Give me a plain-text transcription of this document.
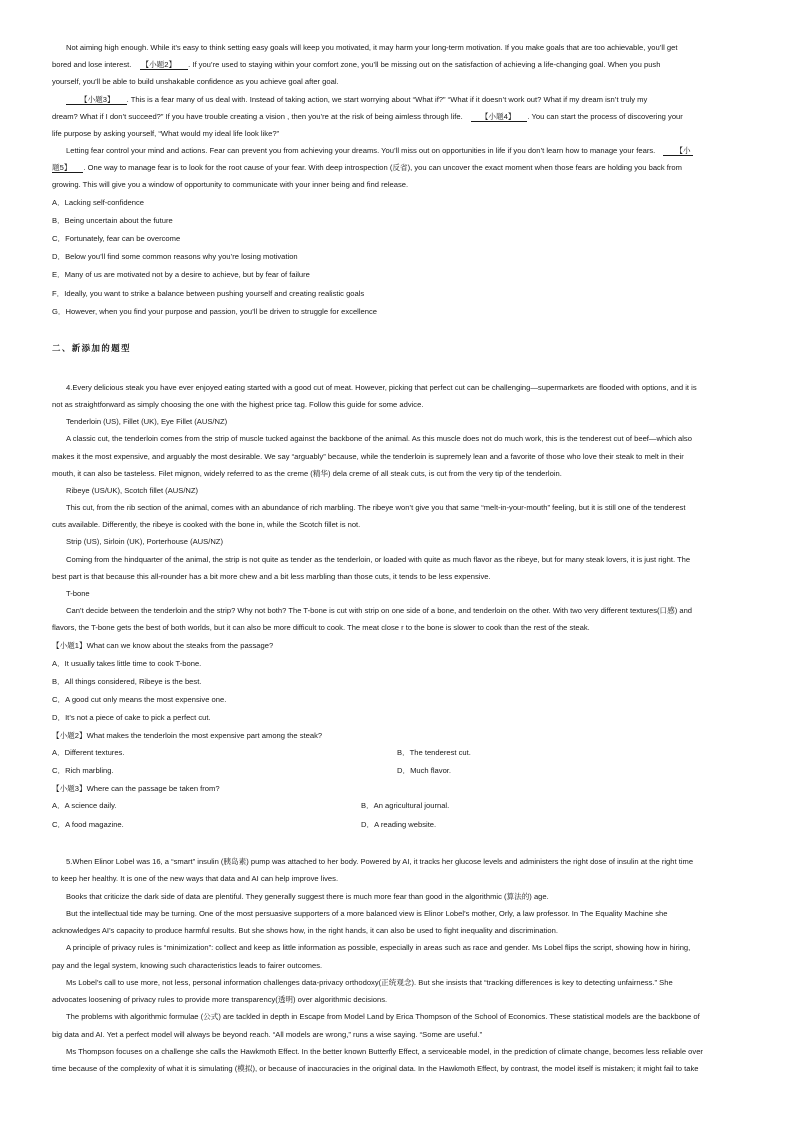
Not aiming high enough. While it’s easy to think setting easy goals will keep you motivated, it may harm your long-term motivation. If you make goals that are too achievable, you’ll get
bored and lose interest. 【小题2】 . If you’re used to staying within your comfort zone, you’ll be missing out on the satisfaction of achieving a life-changing goal. When you push
yourself, you’ll be able to build unshakable confidence as you achieve goal after goal.
【小题3】 . This is a fear many of us deal with. Instead of taking action, we start worrying about “What if?” “What if it doesn’t work out? What if my dream isn’t truly my
dream? What if I don’t succeed?” If you have trouble creating a vision , then you’re at the risk of being aimless through life. 【小题4】 . You can start the process of discovering your
life purpose by asking yourself, “What would my ideal life look like?”
Letting fear control your mind and actions. Fear can prevent you from achieving your dreams. You’ll miss out on opportunities in life if you don’t learn how to manage your fears.	【小
题5】 . One way to manage fear is to look for the root cause of your fear. With deep introspection (反省), you can uncover the exact moment when those fears are holding you back from
growing. This will give you a window of opportunity to communicate with your inner being and find release.
A．Lacking self-confidence
B．Being uncertain about the future
C．Fortunately, fear can be overcome
D．Below you’ll find some common reasons why you’re losing motivation
E．Many of us are motivated not by a desire to achieve, but by fear of failure
F．Ideally, you want to strike a balance between pushing yourself and creating realistic goals
G．However, when you find your purpose and passion, you’ll be driven to struggle for excellence
二、新添加的题型
4.Every delicious steak you have ever enjoyed eating started with a good cut of meat. However, picking that perfect cut can be challenging—supermarkets are flooded with options, and it is
not as straightforward as simply choosing the one with the highest price tag. Follow this guide for some advice.
Tenderloin (US), Fillet (UK), Eye Fillet (AUS/NZ)
A classic cut, the tenderloin comes from the strip of muscle tucked against the backbone of the animal. As this muscle does not do much work, this is the tenderest cut of beef—which also
makes it the most expensive, and arguably the most desirable. We say “arguably” because, while the tenderloin is supremely lean and a favorite of those who love their steak to melt in their
mouth, it can also be tasteless. Filet mignon, widely referred to as the creme (精华) dela creme of all steak cuts, is cut from the very tip of the tenderloin.
Ribeye (US/UK), Scotch fillet (AUS/NZ)
This cut, from the rib section of the animal, comes with an abundance of rich marbling. The ribeye won’t give you that same “melt-in-your-mouth” feeling, but it is still one of the tenderest
cuts available. Differently, the ribeye is cooked with the bone in, while the Scotch fillet is not.
Strip (US), Sirloin (UK), Porterhouse (AUS/NZ)
Coming from the hindquarter of the animal, the strip is not quite as tender as the tenderloin, or loaded with quite as much flavor as the ribeye, but for many steak lovers, it is just right. The
best part is that because this all-rounder has a bit more chew and a bit less marbling than those cuts, it tends to be less expensive.
T-bone
Can’t decide between the tenderloin and the strip? Why not both? The T-bone is cut with strip on one side of a bone, and tenderloin on the other. With two very different textures(口感) and
flavors, the T-bone gets the best of both worlds, but it can also be more difficult to cook. The meat close r to the bone is slower to cook than the rest of the steak.
【小题1】What can we know about the steaks from the passage?
A．It usually takes little time to cook T-bone.
B．All things considered, Ribeye is the best.
C．A good cut only means the most expensive one.
D．It’s not a piece of cake to pick a perfect cut.
【小题2】What makes the tenderloin the most expensive part among the steak?
A．Different textures.	B．The tenderest cut.
C．Rich marbling.	D．Much flavor.
【小题3】Where can the passage be taken from?
A．A science daily.	B．An agricultural journal.
C．A food magazine.	D．A reading website.
5.When Elinor Lobel was 16, a “smart” insulin (胰岛素) pump was attached to her body. Powered by AI, it tracks her glucose levels and administers the right dose of insulin at the right time
to keep her healthy. It is one of the new ways that data and AI can help improve lives.
Books that criticize the dark side of data are plentiful. They generally suggest there is much more fear than good in the algorithmic (算法的) age.
But the intellectual tide may be turning. One of the most persuasive supporters of a more balanced view is Elinor Lobel’s mother, Orly, a law professor. In The Equality Machine she
acknowledges AI’s capacity to produce harmful results. But she shows how, in the right hands, it can also be used to fight inequality and discrimination.
A principle of privacy rules is “minimization”: collect and keep as little information as possible, especially in areas such as race and gender. Ms Lobel flips the script, showing how in hiring,
pay and the legal system, knowing such characteristics leads to fairer outcomes.
Ms Lobel’s call to use more, not less, personal information challenges data-privacy orthodoxy(正统观念). But she insists that “tracking differences is key to detecting unfairness.” She
advocates loosening of privacy rules to provide more transparency(透明) over algorithmic decisions.
The problems with algorithmic formulae (公式) are tackled in depth in Escape from Model Land by Erica Thompson of the School of Economics. These statistical models are the backbone of
big data and AI. Yet a perfect model will always be beyond reach. “All models are wrong,” runs a wise saying. “Some are useful.”
Ms Thompson focuses on a challenge she calls the Hawkmoth Effect. In the better known Butterfly Effect, a serviceable model, in the prediction of climate change, becomes less reliable over
time because of the complexity of what it is simulating (模拟), or because of inaccuracies in the original data. In the Hawkmoth Effect, by contrast, the model itself is mistaken; it might fail to take
